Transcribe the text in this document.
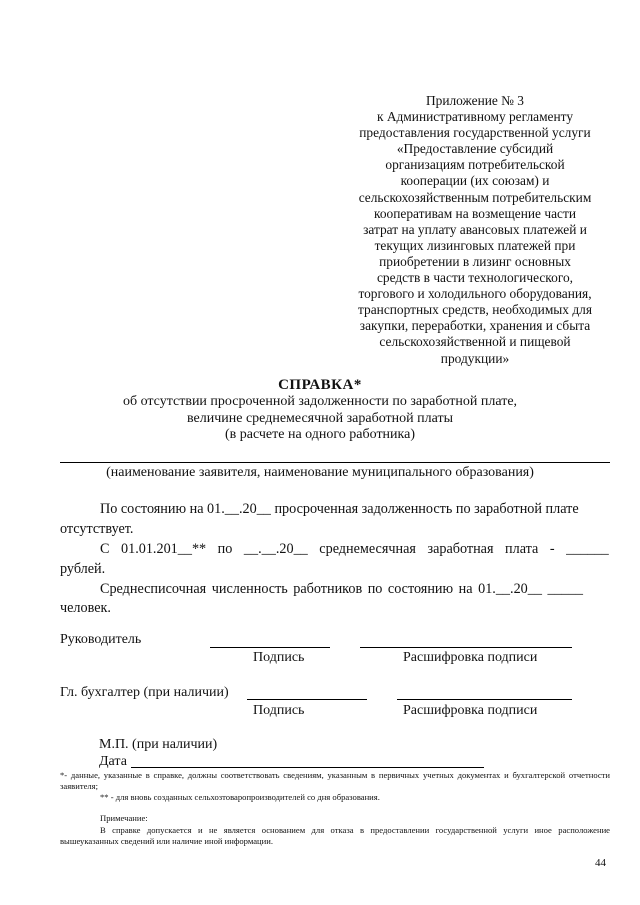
Приложение № 3
к Административному регламенту
предоставления государственной услуги
«Предоставление субсидий
организациям потребительской
кооперации (их союзам) и
сельскохозяйственным потребительским
кооперативам на возмещение части
затрат на уплату авансовых платежей и
текущих лизинговых платежей при
приобретении в лизинг основных
средств в части технологического,
торгового и холодильного оборудования,
транспортных средств, необходимых для
закупки, переработки, хранения и сбыта
сельскохозяйственной и пищевой
продукции»
СПРАВКА*
об отсутствии просроченной задолженности по заработной плате,
величине среднемесячной заработной платы
(в расчете на одного работника)
(наименование заявителя, наименование муниципального образования)
По состоянию на 01.__.20__ просроченная задолженность по заработной плате
отсутствует.
С 01.01.201__** по __.__.20__ среднемесячная заработная плата - ______
рублей.
Среднесписочная численность работников по состоянию на 01.__.20__ _____
человек.
Руководитель
Подпись	Расшифровка подписи
Гл. бухгалтер (при наличии)
Подпись	Расшифровка подписи
М.П. (при наличии)
Дата
*- данные, указанные в справке, должны соответствовать сведениям, указанным в первичных учетных документах и бухгалтерской отчетности заявителя;
** - для вновь созданных сельхозтоваропроизводителей со дня образования.
Примечание:
В справке допускается и не является основанием для отказа в предоставлении государственной услуги иное расположение вышеуказанных сведений или наличие иной информации.
44
